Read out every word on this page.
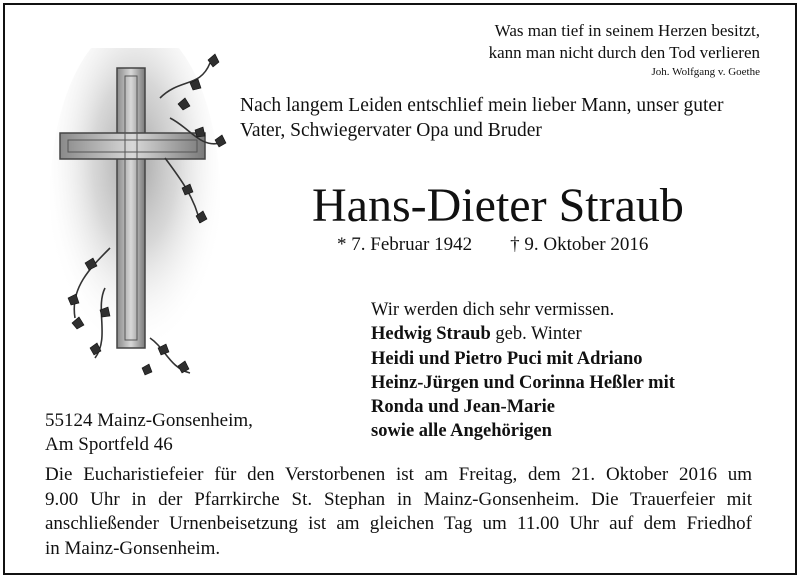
Was man tief in seinem Herzen besitzt,
kann man nicht durch den Tod verlieren
Joh. Wolfgang v. Goethe
Nach langem Leiden entschlief mein lieber Mann, unser guter
Vater, Schwiegervater Opa und Bruder
Hans-Dieter Straub
* 7. Februar 1942 † 9. Oktober 2016
Wir werden dich sehr vermissen.
Hedwig Straub geb. Winter
Heidi und Pietro Puci mit Adriano
Heinz-Jürgen und Corinna Heßler mit
Ronda und Jean-Marie
sowie alle Angehörigen
55124 Mainz-Gonsenheim,
Am Sportfeld 46
Die Eucharistiefeier für den Verstorbenen ist am Freitag, dem 21. Oktober 2016 um
9.00 Uhr in der Pfarrkirche St. Stephan in Mainz-Gonsenheim. Die Trauerfeier mit
anschließender Urnenbeisetzung ist am gleichen Tag um 11.00 Uhr auf dem Friedhof
in Mainz-Gonsenheim.
